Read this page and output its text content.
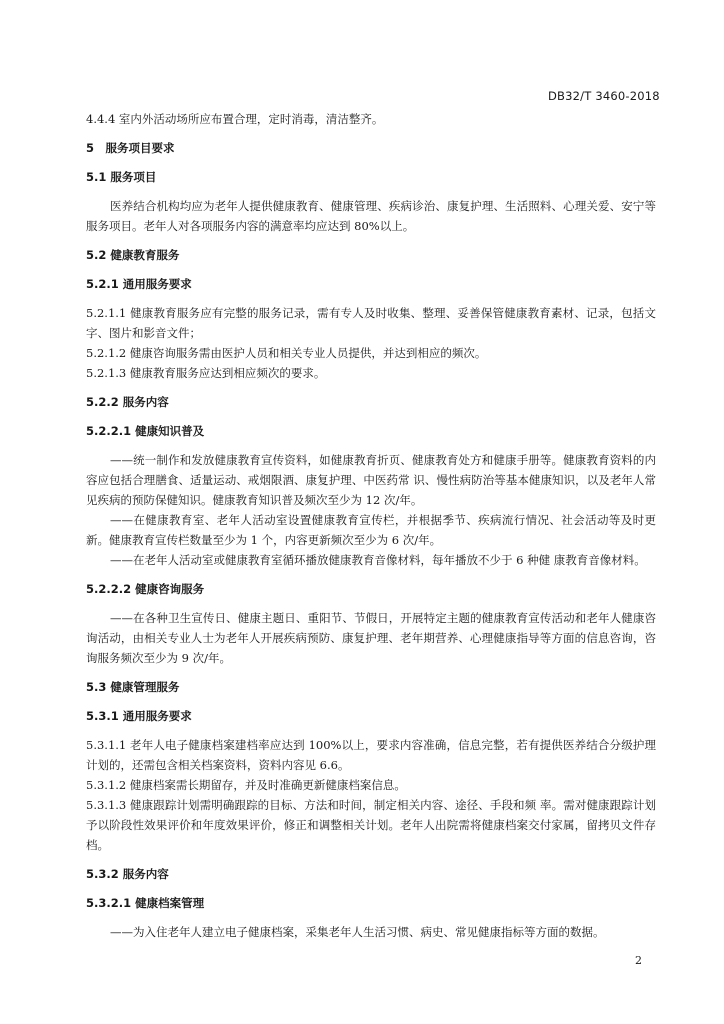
DB32/T 3460-2018

4.4.4 室内外活动场所应布置合理，定时消毒，清洁整齐。

5　服务项目要求

5.1 服务项目

医养结合机构均应为老年人提供健康教育、健康管理、疾病诊治、康复护理、生活照料、心理关爱、安宁等服务项目。老年人对各项服务内容的满意率均应达到 80%以上。

5.2 健康教育服务

5.2.1 通用服务要求

5.2.1.1 健康教育服务应有完整的服务记录，需有专人及时收集、整理、妥善保管健康教育素材、记录，包括文字、图片和影音文件；

5.2.1.2 健康咨询服务需由医护人员和相关专业人员提供，并达到相应的频次。

5.2.1.3 健康教育服务应达到相应频次的要求。

5.2.2 服务内容

5.2.2.1 健康知识普及

——统一制作和发放健康教育宣传资料，如健康教育折页、健康教育处方和健康手册等。健康教育资料的内容应包括合理膳食、适量运动、戒烟限酒、康复护理、中医药常 识、慢性病防治等基本健康知识，以及老年人常见疾病的预防保健知识。健康教育知识普及频次至少为 12 次/年。

——在健康教育室、老年人活动室设置健康教育宣传栏，并根据季节、疾病流行情况、社会活动等及时更新。健康教育宣传栏数量至少为 1 个，内容更新频次至少为 6 次/年。

——在老年人活动室或健康教育室循环播放健康教育音像材料，每年播放不少于 6 种健 康教育音像材料。

5.2.2.2 健康咨询服务

——在各种卫生宣传日、健康主题日、重阳节、节假日，开展特定主题的健康教育宣传活动和老年人健康咨询活动，由相关专业人士为老年人开展疾病预防、康复护理、老年期营养、心理健康指导等方面的信息咨询，咨询服务频次至少为 9 次/年。

5.3 健康管理服务

5.3.1 通用服务要求

5.3.1.1 老年人电子健康档案建档率应达到 100%以上，要求内容准确，信息完整，若有提供医养结合分级护理计划的，还需包含相关档案资料，资料内容见 6.6。

5.3.1.2 健康档案需长期留存，并及时准确更新健康档案信息。

5.3.1.3 健康跟踪计划需明确跟踪的目标、方法和时间，制定相关内容、途径、手段和频 率。需对健康跟踪计划予以阶段性效果评价和年度效果评价，修正和调整相关计划。老年人出院需将健康档案交付家属，留拷贝文件存档。

5.3.2 服务内容

5.3.2.1 健康档案管理

——为入住老年人建立电子健康档案，采集老年人生活习惯、病史、常见健康指标等方面的数据。

2
